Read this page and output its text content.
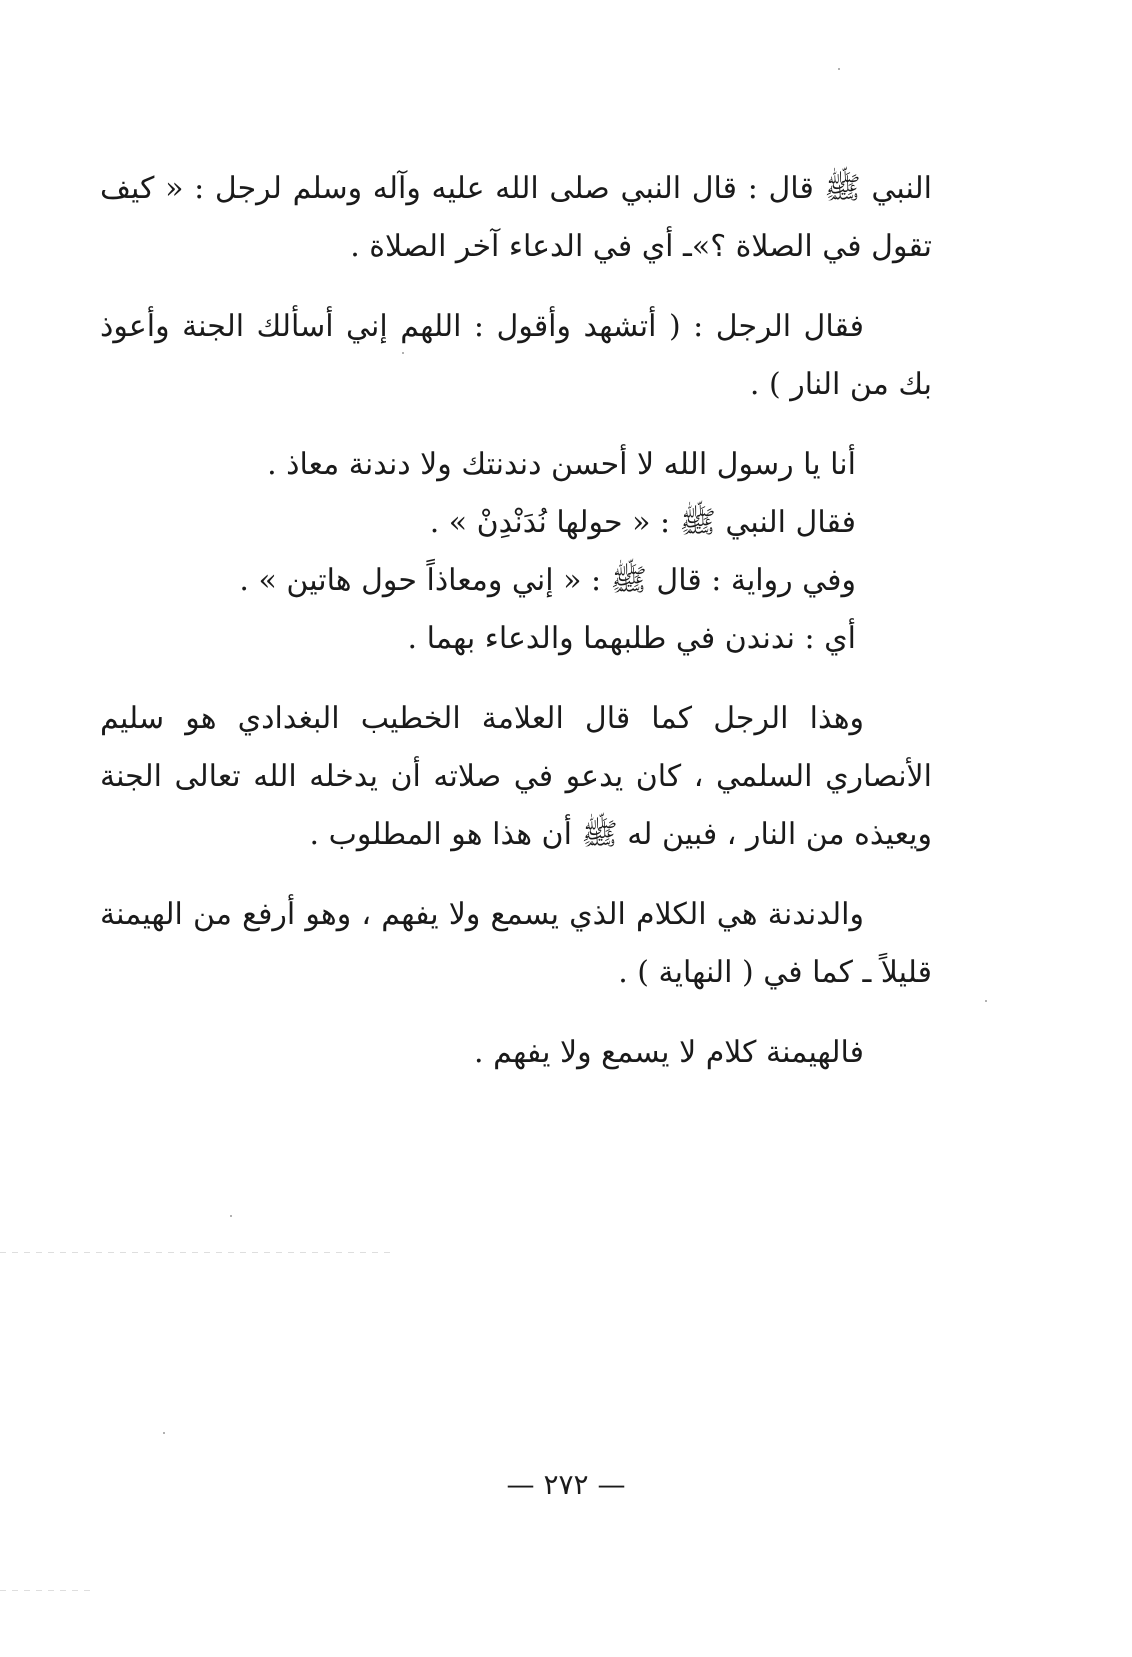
النبي ﷺ قال : قال النبي صلى الله عليه وآله وسلم لرجل : « كيف تقول في الصلاة ؟»ـ أي في الدعاء آخر الصلاة .

فقال الرجل : ( أتشهد وأقول : اللهم إني أسألك الجنة وأعوذ بك من النار ) .

أنا يا رسول الله لا أحسن دندنتك ولا دندنة معاذ .
فقال النبي ﷺ : « حولها نُدَنْدِنْ » .
وفي رواية : قال ﷺ : « إني ومعاذاً حول هاتين » .
أي : ندندن في طلبهما والدعاء بهما .

وهذا الرجل كما قال العلامة الخطيب البغدادي هو سليم الأنصاري السلمي ، كان يدعو في صلاته أن يدخله الله تعالى الجنة ويعيذه من النار ، فبين له ﷺ أن هذا هو المطلوب .

والدندنة هي الكلام الذي يسمع ولا يفهم ، وهو أرفع من الهيمنة قليلاً ـ كما في ( النهاية ) .

فالهيمنة كلام لا يسمع ولا يفهم .

— ٢٧٢ —
